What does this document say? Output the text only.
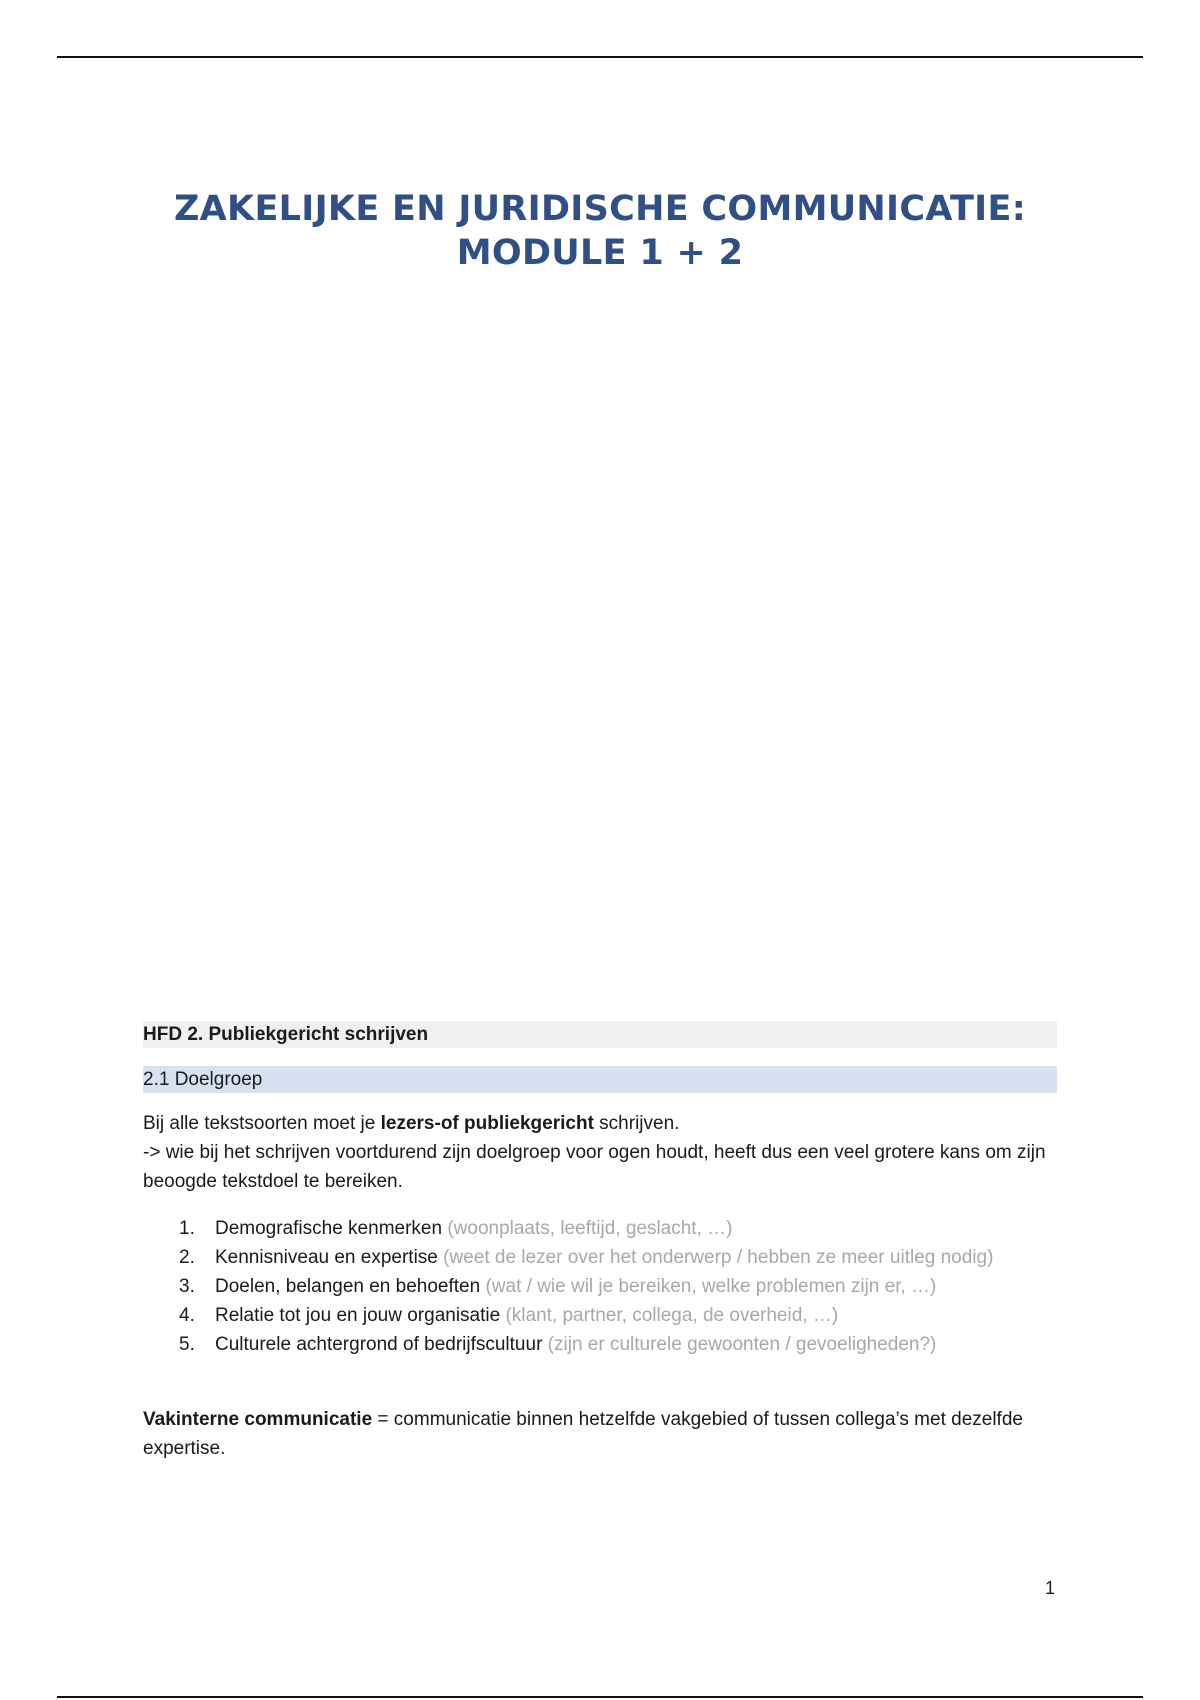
ZAKELIJKE EN JURIDISCHE COMMUNICATIE:
MODULE 1 + 2
HFD 2. Publiekgericht schrijven
2.1 Doelgroep
Bij alle tekstsoorten moet je lezers-of publiekgericht schrijven.
-> wie bij het schrijven voortdurend zijn doelgroep voor ogen houdt, heeft dus een veel grotere kans om zijn beoogde tekstdoel te bereiken.
1. Demografische kenmerken (woonplaats, leeftijd, geslacht, …)
2. Kennisniveau en expertise (weet de lezer over het onderwerp / hebben ze meer uitleg nodig)
3. Doelen, belangen en behoeften (wat / wie wil je bereiken, welke problemen zijn er, …)
4. Relatie tot jou en jouw organisatie (klant, partner, collega, de overheid, …)
5. Culturele achtergrond of bedrijfscultuur (zijn er culturele gewoonten / gevoeligheden?)
Vakinterne communicatie = communicatie binnen hetzelfde vakgebied of tussen collega’s met dezelfde expertise.
1
